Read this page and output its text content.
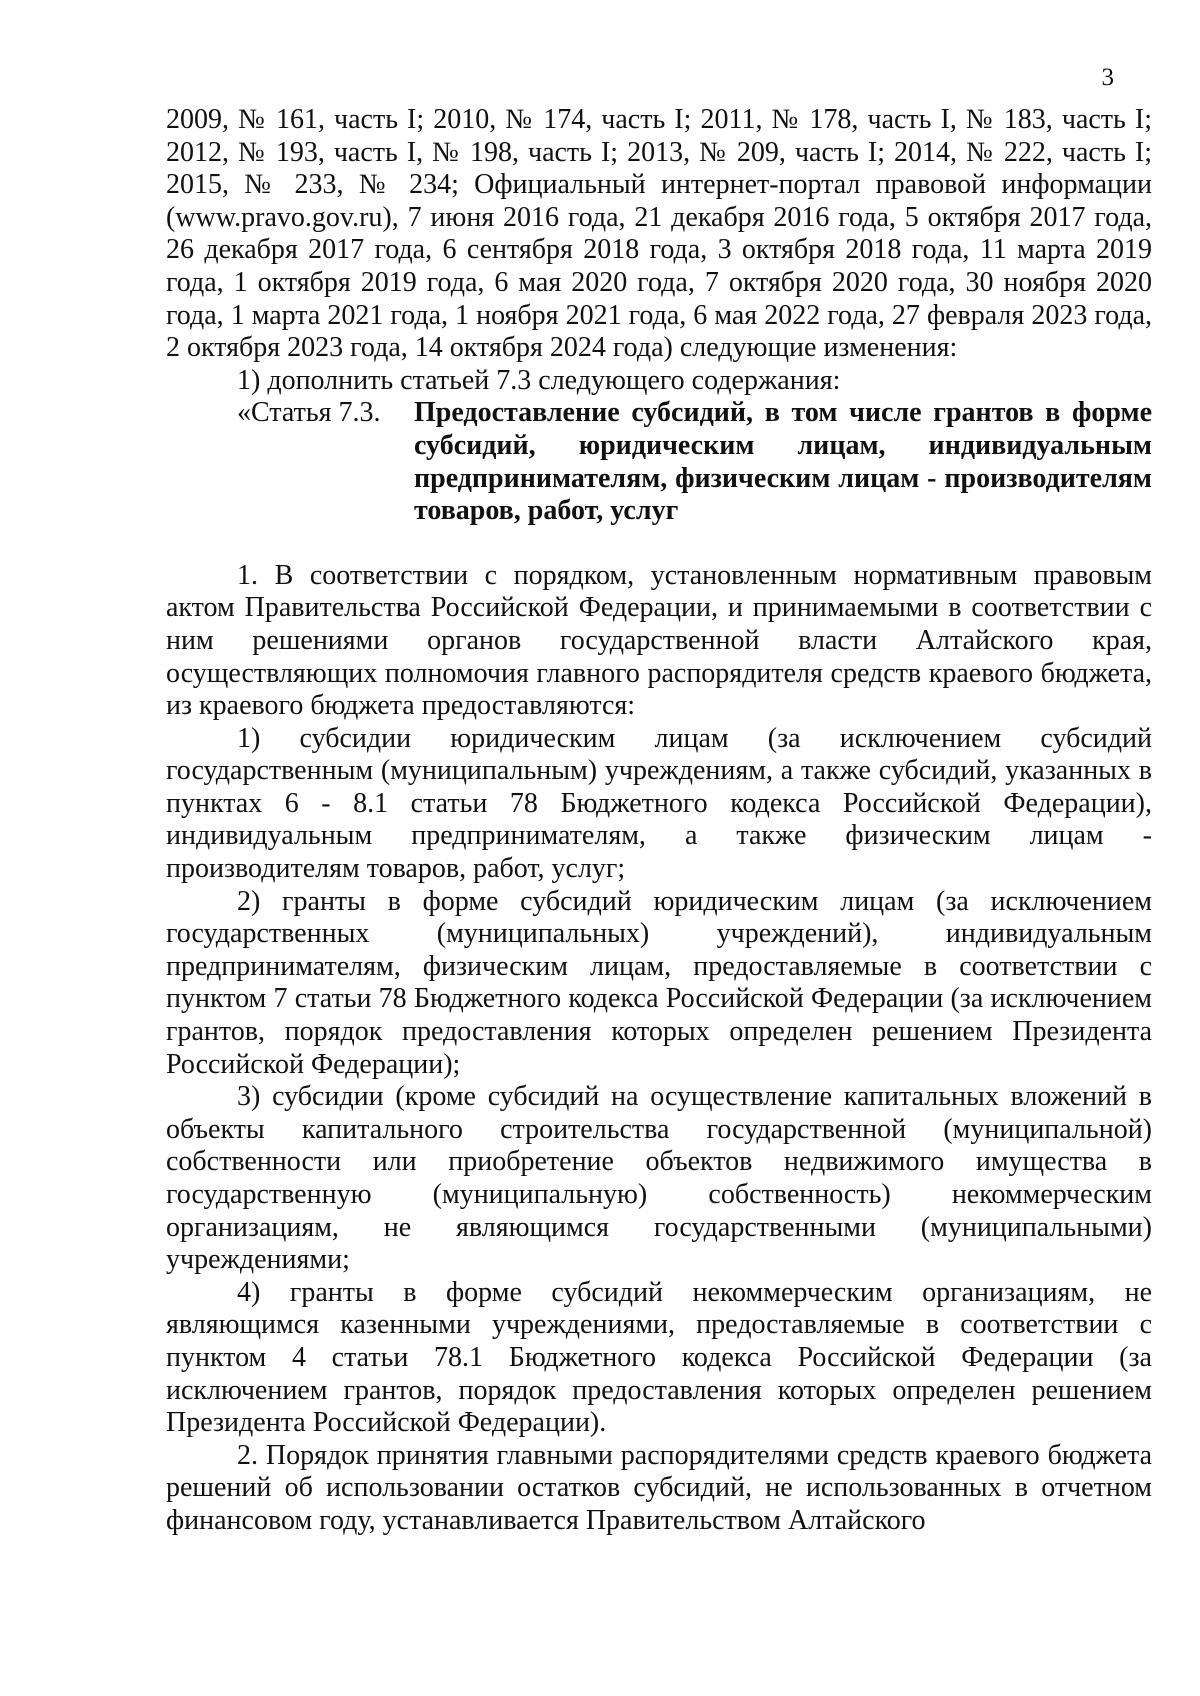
3

2009, № 161, часть I; 2010, № 174, часть I; 2011, № 178, часть I, № 183, часть I; 2012, № 193, часть I, № 198, часть I; 2013, № 209, часть I; 2014, № 222, часть I; 2015, № 233, № 234; Официальный интернет-портал правовой информации (www.pravo.gov.ru), 7 июня 2016 года, 21 декабря 2016 года, 5 октября 2017 года, 26 декабря 2017 года, 6 сентября 2018 года, 3 октября 2018 года, 11 марта 2019 года, 1 октября 2019 года, 6 мая 2020 года, 7 октября 2020 года, 30 ноября 2020 года, 1 марта 2021 года, 1 ноября 2021 года, 6 мая 2022 года, 27 февраля 2023 года, 2 октября 2023 года, 14 октября 2024 года) следующие изменения:

1) дополнить статьей 7.3 следующего содержания:

«Статья 7.3.	Предоставление субсидий, в том числе грантов в форме субсидий, юридическим лицам, индивидуальным предпринимателям, физическим лицам - производителям товаров, работ, услуг

1. В соответствии с порядком, установленным нормативным правовым актом Правительства Российской Федерации, и принимаемыми в соответствии с ним решениями органов государственной власти Алтайского края, осуществляющих полномочия главного распорядителя средств краевого бюджета, из краевого бюджета предоставляются:

1) субсидии юридическим лицам (за исключением субсидий государственным (муниципальным) учреждениям, а также субсидий, указанных в пунктах 6 - 8.1 статьи 78 Бюджетного кодекса Российской Федерации), индивидуальным предпринимателям, а также физическим лицам - производителям товаров, работ, услуг;

2) гранты в форме субсидий юридическим лицам (за исключением государственных (муниципальных) учреждений), индивидуальным предпринимателям, физическим лицам, предоставляемые в соответствии с пунктом 7 статьи 78 Бюджетного кодекса Российской Федерации (за исключением грантов, порядок предоставления которых определен решением Президента Российской Федерации);

3) субсидии (кроме субсидий на осуществление капитальных вложений в объекты капитального строительства государственной (муниципальной) собственности или приобретение объектов недвижимого имущества в государственную (муниципальную) собственность) некоммерческим организациям, не являющимся государственными (муниципальными) учреждениями;

4) гранты в форме субсидий некоммерческим организациям, не являющимся казенными учреждениями, предоставляемые в соответствии с пунктом 4 статьи 78.1 Бюджетного кодекса Российской Федерации (за исключением грантов, порядок предоставления которых определен решением Президента Российской Федерации).

2. Порядок принятия главными распорядителями средств краевого бюджета решений об использовании остатков субсидий, не использованных в отчетном финансовом году, устанавливается Правительством Алтайского
